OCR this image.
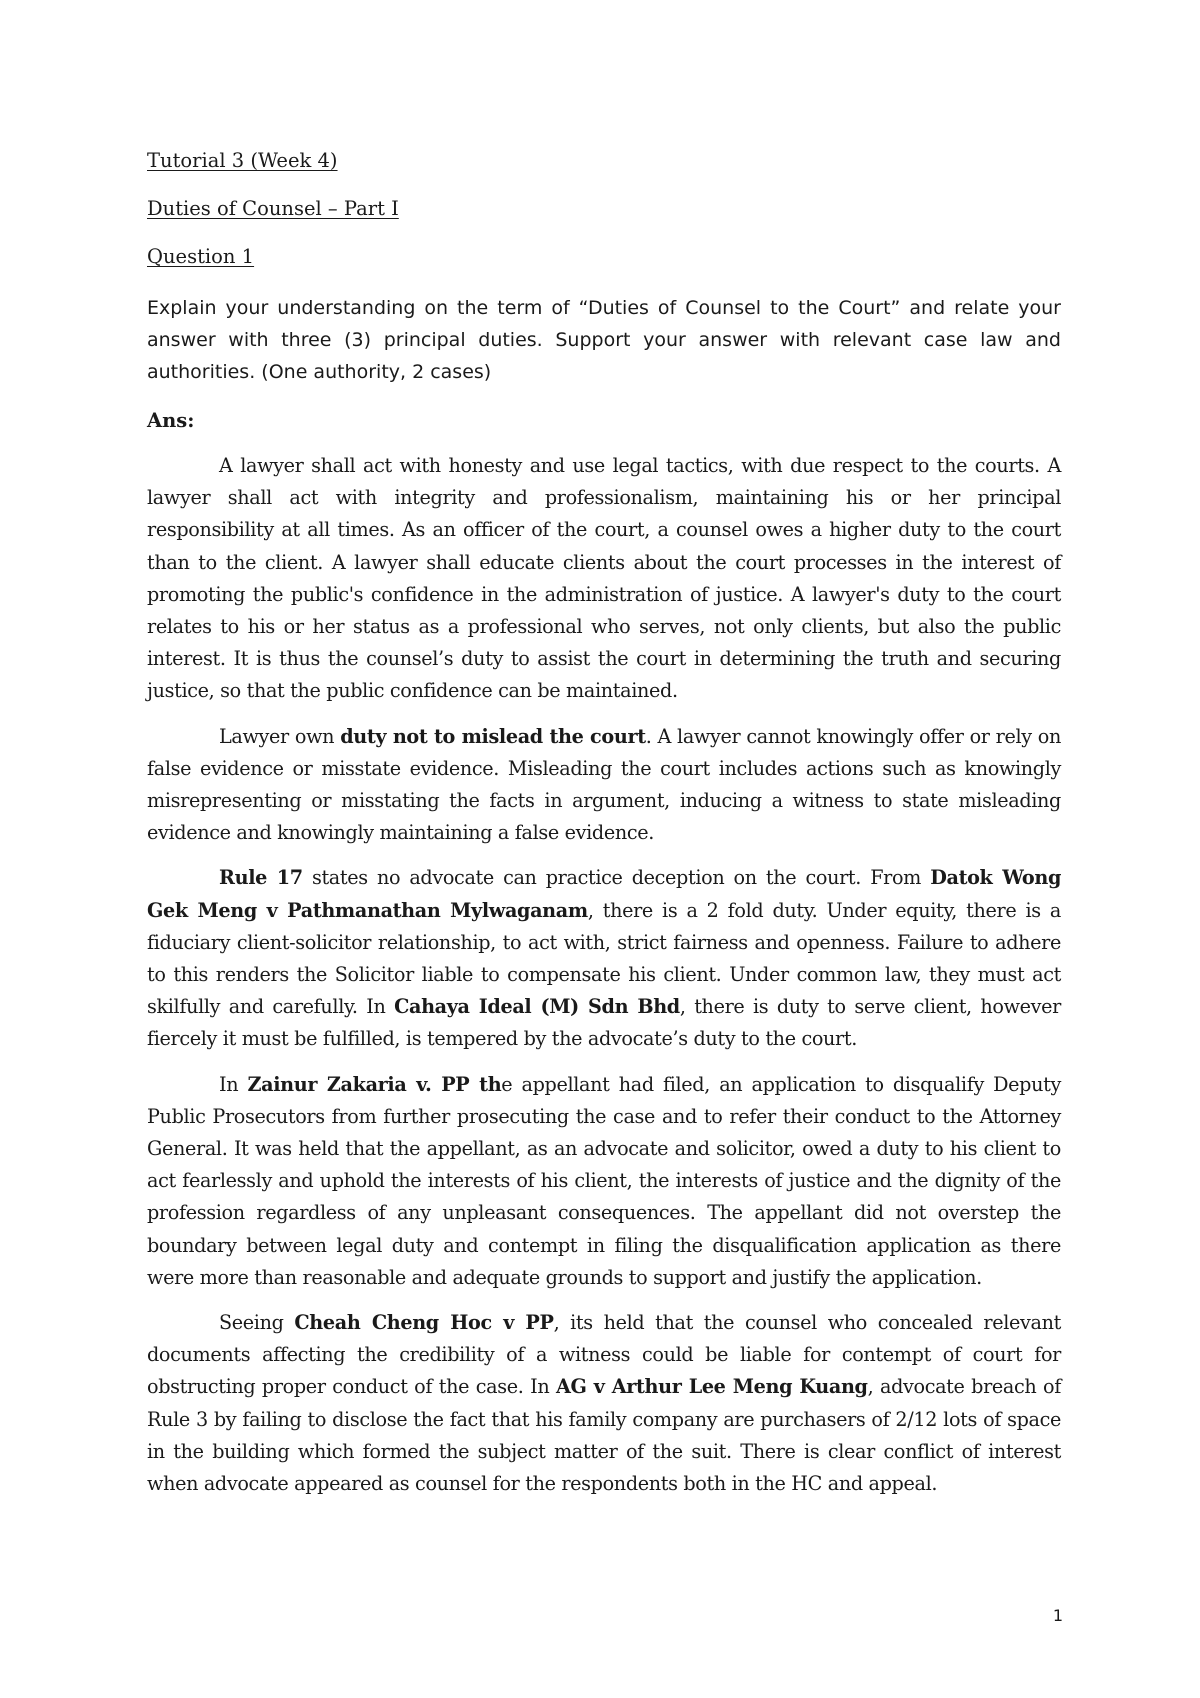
Tutorial 3 (Week 4)
Duties of Counsel – Part I
Question 1

Explain your understanding on the term of “Duties of Counsel to the Court” and relate your answer with three (3) principal duties. Support your answer with relevant case law and authorities. (One authority, 2 cases)

Ans:

A lawyer shall act with honesty and use legal tactics, with due respect to the courts. A lawyer shall act with integrity and professionalism, maintaining his or her principal responsibility at all times. As an officer of the court, a counsel owes a higher duty to the court than to the client. A lawyer shall educate clients about the court processes in the interest of promoting the public's confidence in the administration of justice. A lawyer's duty to the court relates to his or her status as a professional who serves, not only clients, but also the public interest. It is thus the counsel’s duty to assist the court in determining the truth and securing justice, so that the public confidence can be maintained.

Lawyer own duty not to mislead the court. A lawyer cannot knowingly offer or rely on false evidence or misstate evidence. Misleading the court includes actions such as knowingly misrepresenting or misstating the facts in argument, inducing a witness to state misleading evidence and knowingly maintaining a false evidence.

Rule 17 states no advocate can practice deception on the court. From Datok Wong Gek Meng v Pathmanathan Mylwaganam, there is a 2 fold duty. Under equity, there is a fiduciary client-solicitor relationship, to act with, strict fairness and openness. Failure to adhere to this renders the Solicitor liable to compensate his client. Under common law, they must act skilfully and carefully. In Cahaya Ideal (M) Sdn Bhd, there is duty to serve client, however fiercely it must be fulfilled, is tempered by the advocate’s duty to the court.

In Zainur Zakaria v. PP the appellant had filed, an application to disqualify Deputy Public Prosecutors from further prosecuting the case and to refer their conduct to the Attorney General. It was held that the appellant, as an advocate and solicitor, owed a duty to his client to act fearlessly and uphold the interests of his client, the interests of justice and the dignity of the profession regardless of any unpleasant consequences. The appellant did not overstep the boundary between legal duty and contempt in filing the disqualification application as there were more than reasonable and adequate grounds to support and justify the application.

Seeing Cheah Cheng Hoc v PP, its held that the counsel who concealed relevant documents affecting the credibility of a witness could be liable for contempt of court for obstructing proper conduct of the case. In AG v Arthur Lee Meng Kuang, advocate breach of Rule 3 by failing to disclose the fact that his family company are purchasers of 2/12 lots of space in the building which formed the subject matter of the suit. There is clear conflict of interest when advocate appeared as counsel for the respondents both in the HC and appeal.

1
